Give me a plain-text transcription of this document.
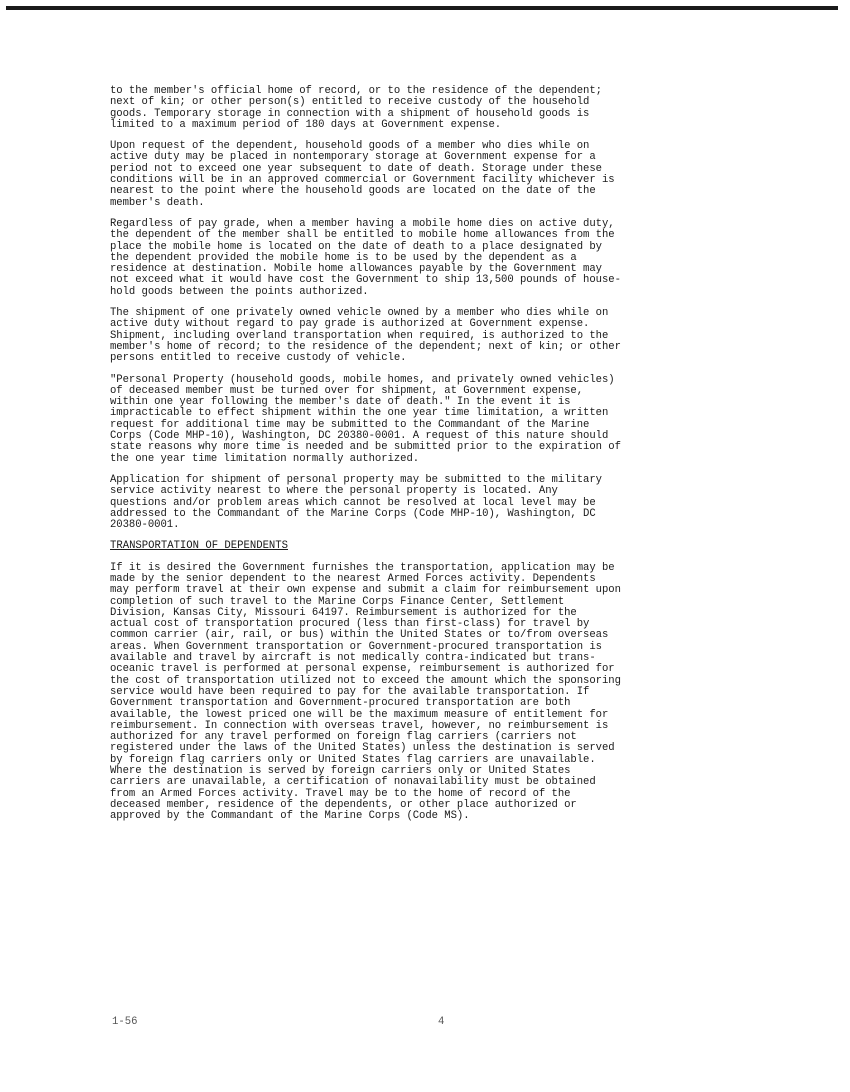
to the member's official home of record, or to the residence of the dependent;
next of kin; or other person(s) entitled to receive custody of the household
goods. Temporary storage in connection with a shipment of household goods is
limited to a maximum period of 180 days at Government expense.

Upon request of the dependent, household goods of a member who dies while on
active duty may be placed in nontemporary storage at Government expense for a
period not to exceed one year subsequent to date of death. Storage under these
conditions will be in an approved commercial or Government facility whichever is
nearest to the point where the household goods are located on the date of the
member's death.

Regardless of pay grade, when a member having a mobile home dies on active duty,
the dependent of the member shall be entitled to mobile home allowances from the
place the mobile home is located on the date of death to a place designated by
the dependent provided the mobile home is to be used by the dependent as a
residence at destination. Mobile home allowances payable by the Government may
not exceed what it would have cost the Government to ship 13,500 pounds of house-
hold goods between the points authorized.

The shipment of one privately owned vehicle owned by a member who dies while on
active duty without regard to pay grade is authorized at Government expense.
Shipment, including overland transportation when required, is authorized to the
member's home of record; to the residence of the dependent; next of kin; or other
persons entitled to receive custody of vehicle.

"Personal Property (household goods, mobile homes, and privately owned vehicles)
of deceased member must be turned over for shipment, at Government expense,
within one year following the member's date of death." In the event it is
impracticable to effect shipment within the one year time limitation, a written
request for additional time may be submitted to the Commandant of the Marine
Corps (Code MHP-10), Washington, DC 20380-0001. A request of this nature should
state reasons why more time is needed and be submitted prior to the expiration of
the one year time limitation normally authorized.

Application for shipment of personal property may be submitted to the military
service activity nearest to where the personal property is located. Any
questions and/or problem areas which cannot be resolved at local level may be
addressed to the Commandant of the Marine Corps (Code MHP-10), Washington, DC
20380-0001.

TRANSPORTATION OF DEPENDENTS

If it is desired the Government furnishes the transportation, application may be
made by the senior dependent to the nearest Armed Forces activity. Dependents
may perform travel at their own expense and submit a claim for reimbursement upon
completion of such travel to the Marine Corps Finance Center, Settlement
Division, Kansas City, Missouri 64197. Reimbursement is authorized for the
actual cost of transportation procured (less than first-class) for travel by
common carrier (air, rail, or bus) within the United States or to/from overseas
areas. When Government transportation or Government-procured transportation is
available and travel by aircraft is not medically contra-indicated but trans-
oceanic travel is performed at personal expense, reimbursement is authorized for
the cost of transportation utilized not to exceed the amount which the sponsoring
service would have been required to pay for the available transportation. If
Government transportation and Government-procured transportation are both
available, the lowest priced one will be the maximum measure of entitlement for
reimbursement. In connection with overseas travel, however, no reimbursement is
authorized for any travel performed on foreign flag carriers (carriers not
registered under the laws of the United States) unless the destination is served
by foreign flag carriers only or United States flag carriers are unavailable.
Where the destination is served by foreign carriers only or United States
carriers are unavailable, a certification of nonavailability must be obtained
from an Armed Forces activity. Travel may be to the home of record of the
deceased member, residence of the dependents, or other place authorized or
approved by the Commandant of the Marine Corps (Code MS).

1-56	4
